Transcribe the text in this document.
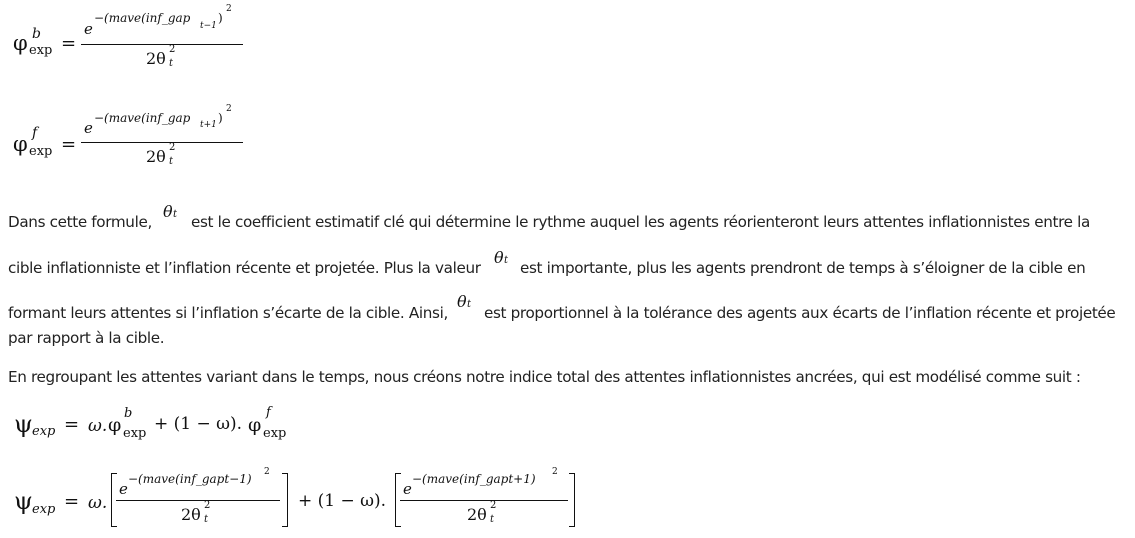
φ b
exp =
e
−(mave(inf_gap
t−1
)
2
2θ 2
t
φ f
exp =
e
−(mave(inf_gap t+1 )
2
2θ 2
t
Dans cette formule,
θ t est le coefficient estimatif clé qui détermine le rythme auquel les agents réorienteront leurs attentes inflationnistes entre la
cible inflationniste et l’inflation récente et projetée. Plus la valeur
θ t est importante, plus les agents prendront de temps à s’éloigner de la cible en
formant leurs attentes si l’inflation s’écarte de la cible. Ainsi,
θ t est proportionnel à la tolérance des agents aux écarts de l’inflation récente et projetée
par rapport à la cible.
En regroupant les attentes variant dans le temps, nous créons notre indice total des attentes inflationnistes ancrées, qui est modélisé comme suit :
ψ exp = ω. φ
b
exp + (1 − ω). φ
f
exp
ψ exp = ω.
e
−(mave(inf_gapt−1) 2
2θ 2
t
+ (1 − ω).
e
−(mave(inf_gapt+1) 2
2θ 2
t
